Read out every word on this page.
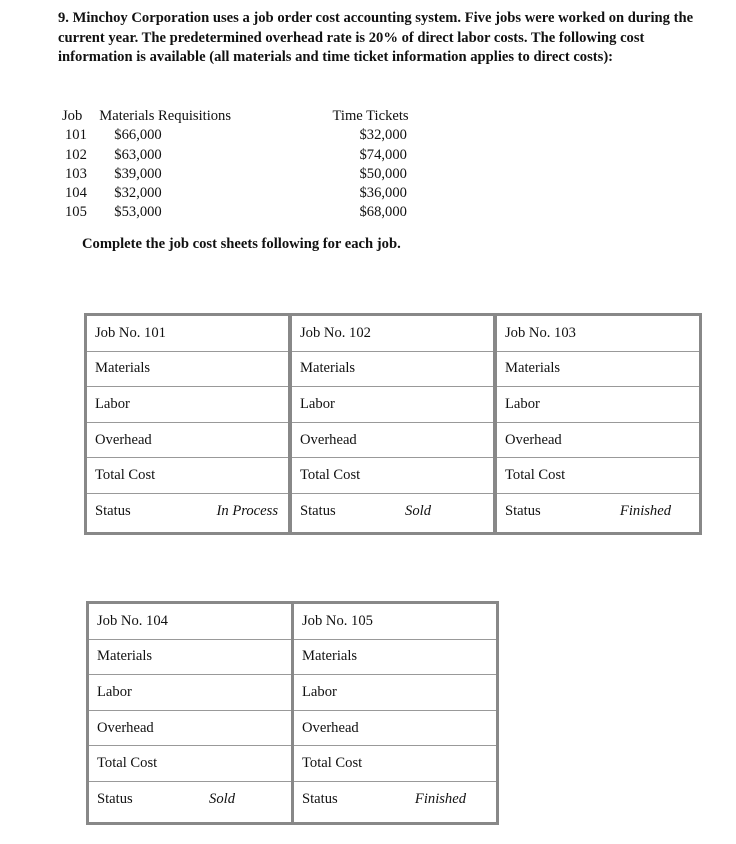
9. Minchoy Corporation uses a job order cost accounting system. Five jobs were worked on during the current year. The predetermined overhead rate is 20% of direct labor costs. The following cost information is available (all materials and time ticket information applies to direct costs):

Job	Materials Requisitions	Time Tickets
101	$66,000	$32,000
102	$63,000	$74,000
103	$39,000	$50,000
104	$32,000	$36,000
105	$53,000	$68,000

Complete the job cost sheets following for each job.

Job No. 101
Materials
Labor
Overhead
Total Cost
Status	In Process
Job No. 102
Materials
Labor
Overhead
Total Cost
Status	Sold
Job No. 103
Materials
Labor
Overhead
Total Cost
Status	Finished
Job No. 104
Materials
Labor
Overhead
Total Cost
Status	Sold
Job No. 105
Materials
Labor
Overhead
Total Cost
Status	Finished
